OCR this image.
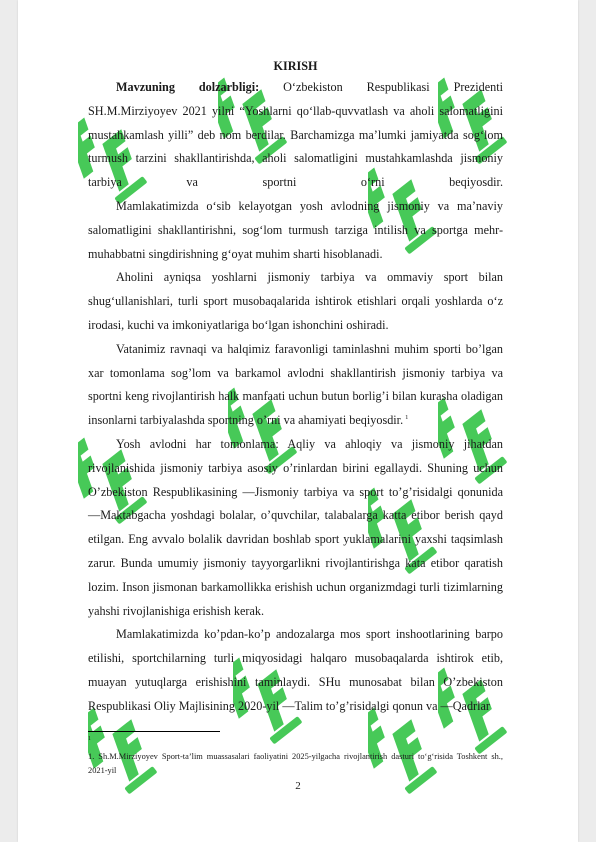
KIRISH

Mavzuning dolzarbligi: O‘zbekiston Respublikasi Prezidenti SH.M.Mirziyoyev 2021 yilni “Yoshlarni qo‘llab-quvvatlash va aholi salomatligini mustahkamlash yilli” deb nom berdilar. Barchamizga ma’lumki jamiyatda sog‘lom turmush tarzini shakllantirishda, aholi salomatligini mustahkamlashda jismoniy tarbiya va sportni o‘rni beqiyosdir.

Mamlakatimizda o‘sib kelayotgan yosh avlodning jismoniy va ma’naviy salomatligini shakllantirishni, sog‘lom turmush tarziga intilish va sportga mehr-muhabbatni singdirishning g‘oyat muhim sharti hisoblanadi.

Aholini ayniqsa yoshlarni jismoniy tarbiya va ommaviy sport bilan shug‘ullanishlari, turli sport musobaqalarida ishtirok etishlari orqali yoshlarda o‘z irodasi, kuchi va imkoniyatlariga bo‘lgan ishonchini oshiradi.

Vatanimiz ravnaqi va halqimiz faravonligi taminlashni muhim sporti bo’lgan xar tomonlama sog’lom va barkamol avlodni shakllantirish jismoniy tarbiya va sportni keng rivojlantirish halk manfaati uchun butun borlig’i bilan kurasha oladigan insonlarni tarbiyalashda sportning o’rni va ahamiyati beqiyosdir. $^1$

Yosh avlodni har tomonlama: Aqliy va ahloqiy va jismoniy jihatdan rivojlanishida jismoniy tarbiya asosiy o’rinlardan birini egallaydi. Shuning uchun O’zbekiston Respublikasining —Jismoniy tarbiya va sport to’g’risidalgi qonunida —Maktabgacha yoshdagi bolalar, o’quvchilar, talabalarga katta etibor berish qayd etilgan. Eng avvalo bolalik davridan boshlab sport yuklamalarini yaxshi taqsimlash zarur. Bunda umumiy jismoniy tayyorgarlikni rivojlantirishga kata etibor qaratish lozim. Inson jismonan barkamollikka erishish uchun organizmdagi turli tizimlarning yahshi rivojlanishiga erishish kerak.

Mamlakatimizda ko’pdan-ko’p andozalarga mos sport inshootlarining barpo etilishi, sportchilarning turli miqyosidagi halqaro musobaqalarda ishtirok etib, muayan yutuqlarga erishishini taminlaydi. SHu munosabat bilan O’zbekiston Respublikasi Oliy Majlisining 2020-yil —Talim to’g’risidalgi qonun va —Qadrlar

$^1$
1. Sh.M.Mirziyoyev Sport-ta’lim muassasalari faoliyatini 2025-yilgacha rivojlantirish dasturi to‘g‘risida Toshkent sh., 2021-yil
2
